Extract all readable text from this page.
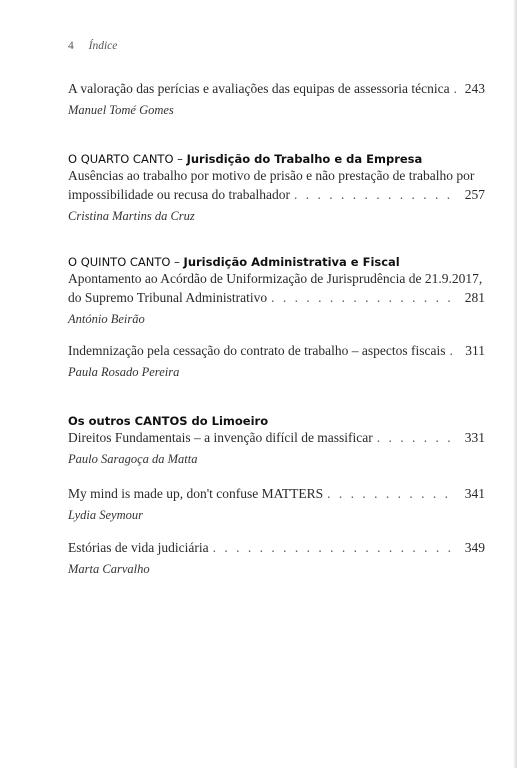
4 Índice
A valoração das perícias e avaliações das equipas de assessoria técnica . . . 243
Manuel Tomé Gomes
O QUARTO CANTO – Jurisdição do Trabalho e da Empresa
Ausências ao trabalho por motivo de prisão e não prestação de trabalho por
impossibilidade ou recusa do trabalhador . . .	257
Cristina Martins da Cruz
O QUINTO CANTO – Jurisdição Administrativa e Fiscal
Apontamento ao Acórdão de Uniformização de Jurisprudência de 21.9.2017,
do Supremo Tribunal Administrativo . . .	281
António Beirão
Indemnização pela cessação do contrato de trabalho – aspectos fiscais . . .	311
Paula Rosado Pereira
Os outros CANTOS do Limoeiro
Direitos Fundamentais – a invenção difícil de massificar . . .	331
Paulo Saragoça da Matta
My mind is made up, don't confuse MATTERS . . .	341
Lydia Seymour
Estórias de vida judiciária . . .	349
Marta Carvalho
